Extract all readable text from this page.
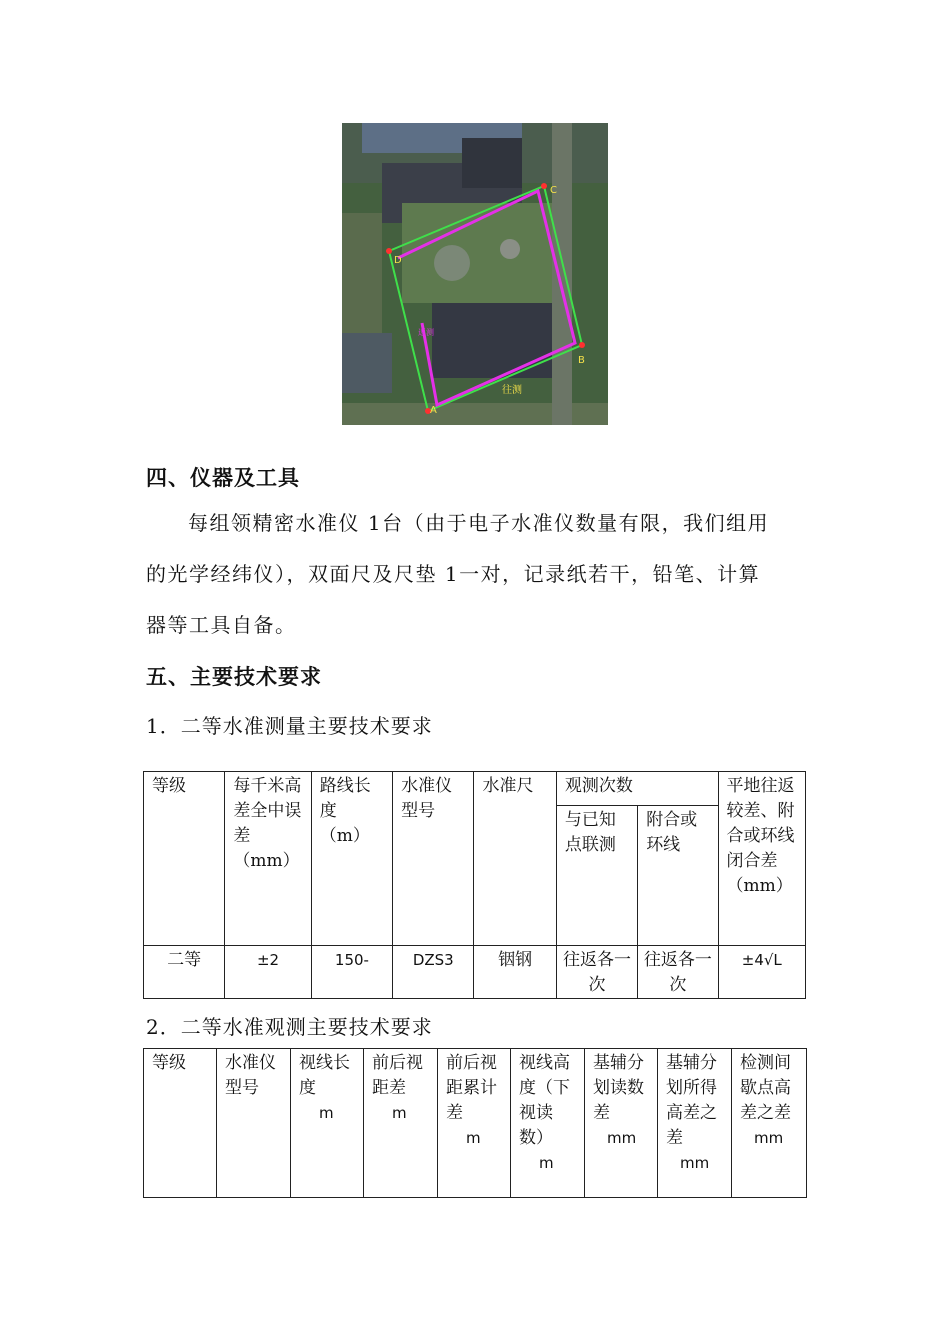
C
B
D
A
往测
返测
四、仪器及工具
每组领精密水准仪 1台（由于电子水准仪数量有限，我们组用
的光学经纬仪），双面尺及尺垫 1一对，记录纸若干，铅笔、计算
器等工具自备。
五、主要技术要求
1．二等水准测量主要技术要求
等级	每千米高差全中误差
（mm）	路线长度
（m）	水准仪型号	水准尺	观测次数		平地往返较差、附合或环线闭合差
（mm）

					与已知点联测	附合或环线	
二等	±2	150-	DZS3	铟钢	往返各一次	往返各一次	±4√L
2．二等水准观测主要技术要求
等级	水准仪型号	视线长度
m
	前后视距差
m
	前后视距累计差
m
	视线高度（下视读数）
m
	基辅分划读数差
mm
	基辅分划所得高差之差
mm
	检测间歇点高差之差
mm
